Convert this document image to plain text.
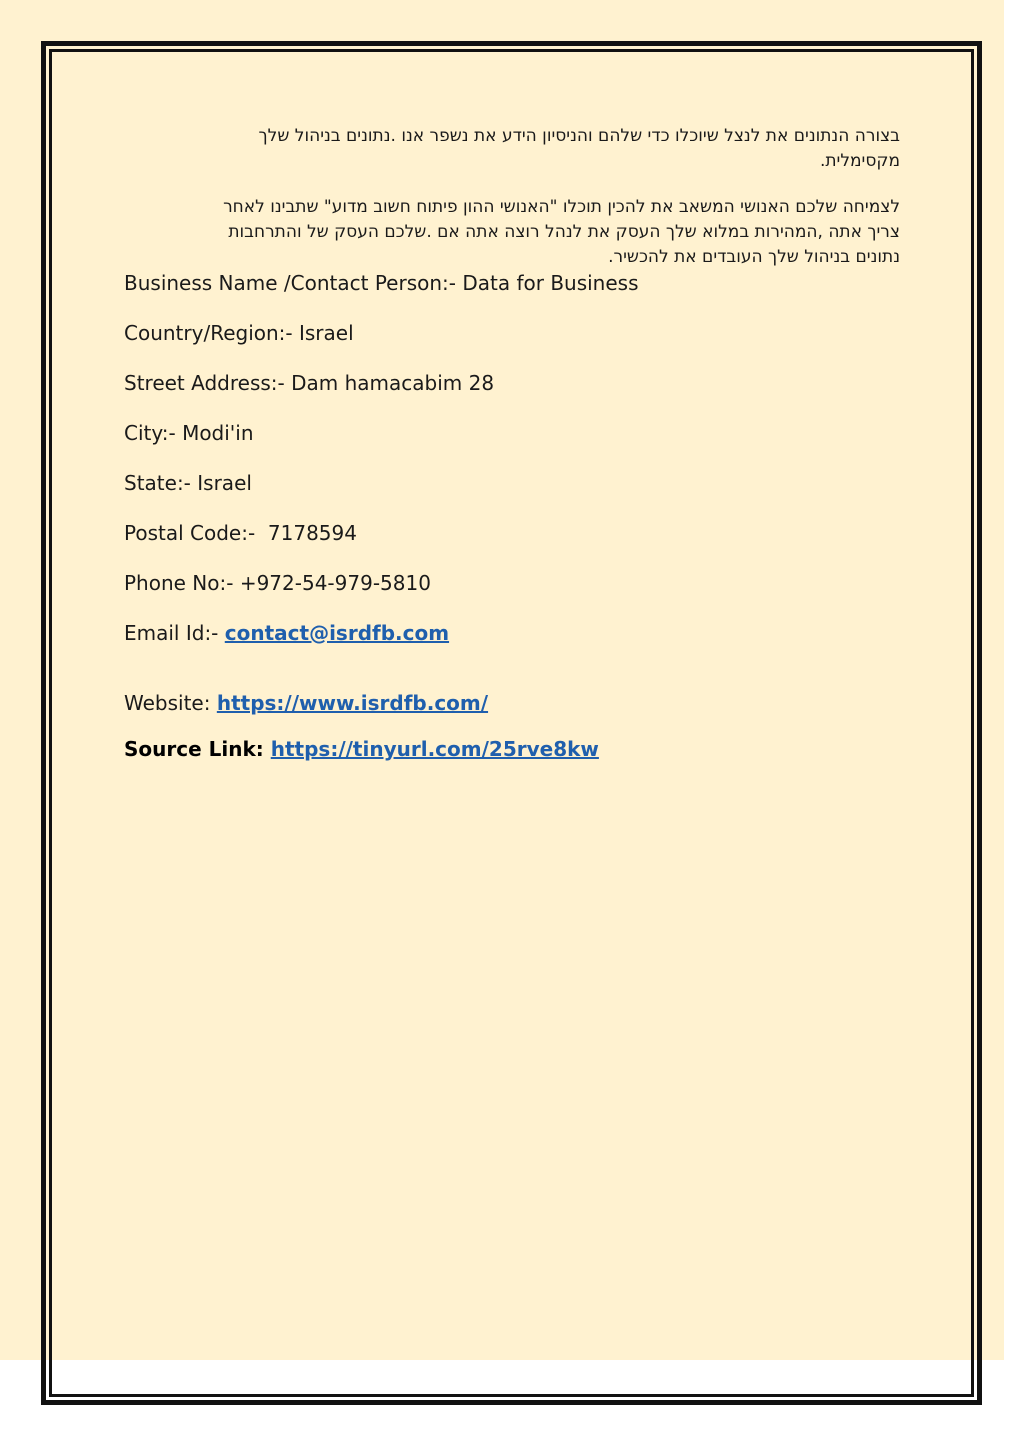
בצורה הנתונים את לנצל שיוכלו כדי שלהם והניסיון הידע את נשפר אנו .נתונים בניהול שלך
מקסימלית.

לצמיחה שלכם האנושי המשאב את להכין תוכלו "האנושי ההון פיתוח חשוב מדוע" שתבינו לאחר
צריך אתה ,המהירות במלוא שלך העסק את לנהל רוצה אתה אם .שלכם העסק של והתרחבות
נתונים בניהול שלך העובדים את להכשיר.

Business Name /Contact Person:- Data for Business

Country/Region:- Israel

Street Address:- Dam hamacabim 28

City:- Modi'in

State:- Israel

Postal Code:-  7178594

Phone No:- +972-54-979-5810

Email Id:- contact@isrdfb.com

Website: https://www.isrdfb.com/

Source Link: https://tinyurl.com/25rve8kw
